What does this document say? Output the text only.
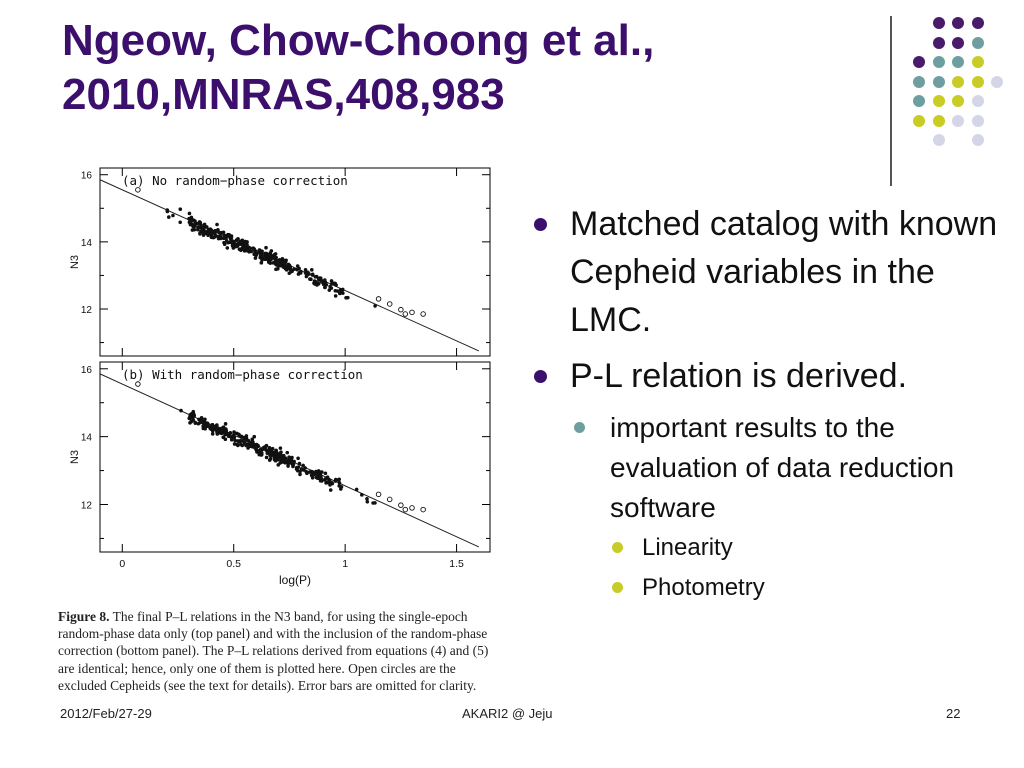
Ngeow, Chow-Choong et al.,
2010,MNRAS,408,983
(a) No random−phase correction
12
14
16
N3
(b) With random−phase correction
12
14
16
N3
0	0.5	1	1.5
log(P)
Figure 8. The final P–L relations in the N3 band, for using the single-epoch random-phase data only (top panel) and with the inclusion of the random-phase correction (bottom panel). The P–L relations derived from equations (4) and (5) are identical; hence, only one of them is plotted here. Open circles are the excluded Cepheids (see the text for details). Error bars are omitted for clarity.
Matched catalog with known Cepheid variables in the LMC.
P-L relation is derived.
important results to the evaluation of data reduction software
Linearity
Photometry
2012/Feb/27-29	AKARI2 @ Jeju	22
